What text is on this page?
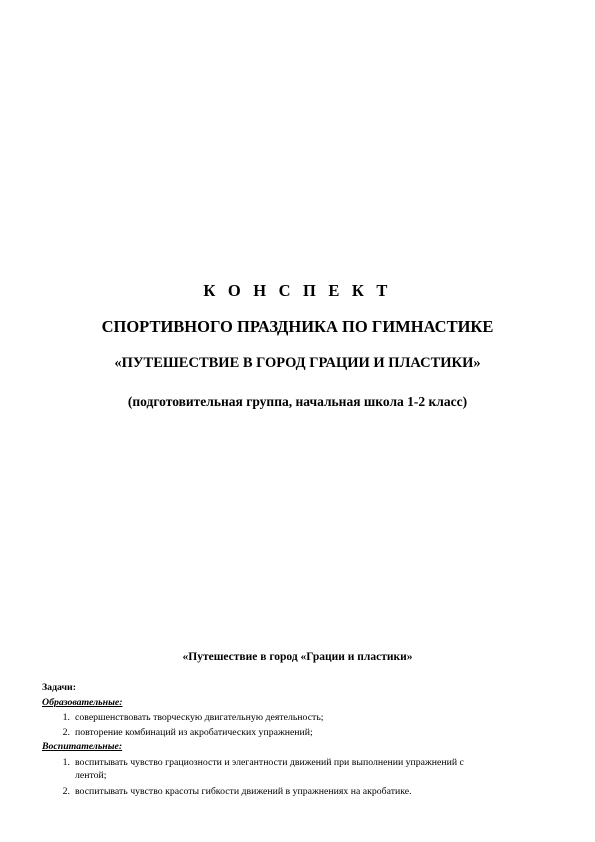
К О Н С П Е К Т
СПОРТИВНОГО ПРАЗДНИКА ПО ГИМНАСТИКЕ
«ПУТЕШЕСТВИЕ В ГОРОД ГРАЦИИ И ПЛАСТИКИ»
(подготовительная группа, начальная школа 1-2 класс)
«Путешествие в город «Грации и пластики»
Задачи:
Образовательные:
1. совершенствовать творческую двигательную деятельность;
2. повторение комбинаций из акробатических упражнений;
Воспитательные:
1. воспитывать чувство грациозности и элегантности движений при выполнении упражнений с
лентой;
2. воспитывать чувство красоты гибкости движений в упражнениях на акробатике.
